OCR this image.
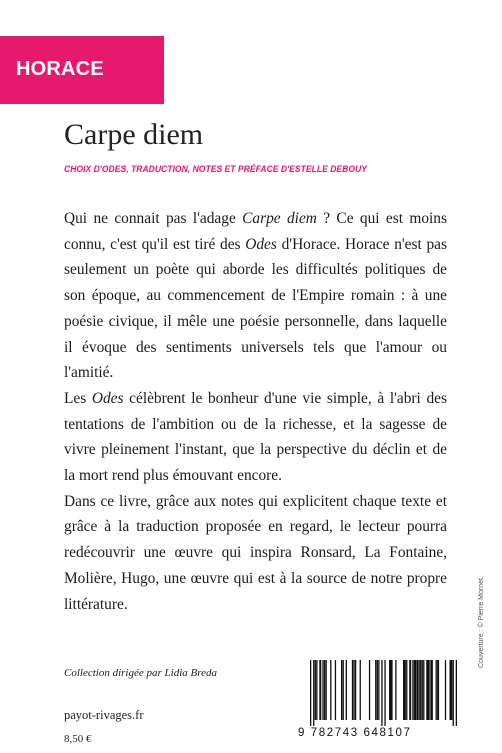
HORACE
Carpe diem
CHOIX D'ODES, TRADUCTION, NOTES ET PRÉFACE D'ESTELLE DEBOUY

Qui ne connait pas l'adage Carpe diem ? Ce qui est moins connu, c'est qu'il est tiré des Odes d'Horace. Horace n'est pas seulement un poète qui aborde les difficultés politiques de son époque, au commencement de l'Empire romain : à une poésie civique, il mêle une poésie personnelle, dans laquelle il évoque des sentiments universels tels que l'amour ou l'amitié.

Les Odes célèbrent le bonheur d'une vie simple, à l'abri des tentations de l'ambition ou de la richesse, et la sagesse de vivre pleinement l'instant, que la perspective du déclin et de la mort rend plus émouvant encore.

Dans ce livre, grâce aux notes qui explicitent chaque texte et grâce à la traduction proposée en regard, le lecteur pourra redécouvrir une œuvre qui inspira Ronsard, La Fontaine, Molière, Hugo, une œuvre qui est à la source de notre propre littérature.

Collection dirigée par Lidia Breda
payot-rivages.fr
8,50 €
Couverture : © Pierre Mornet.
9 782743 648107
